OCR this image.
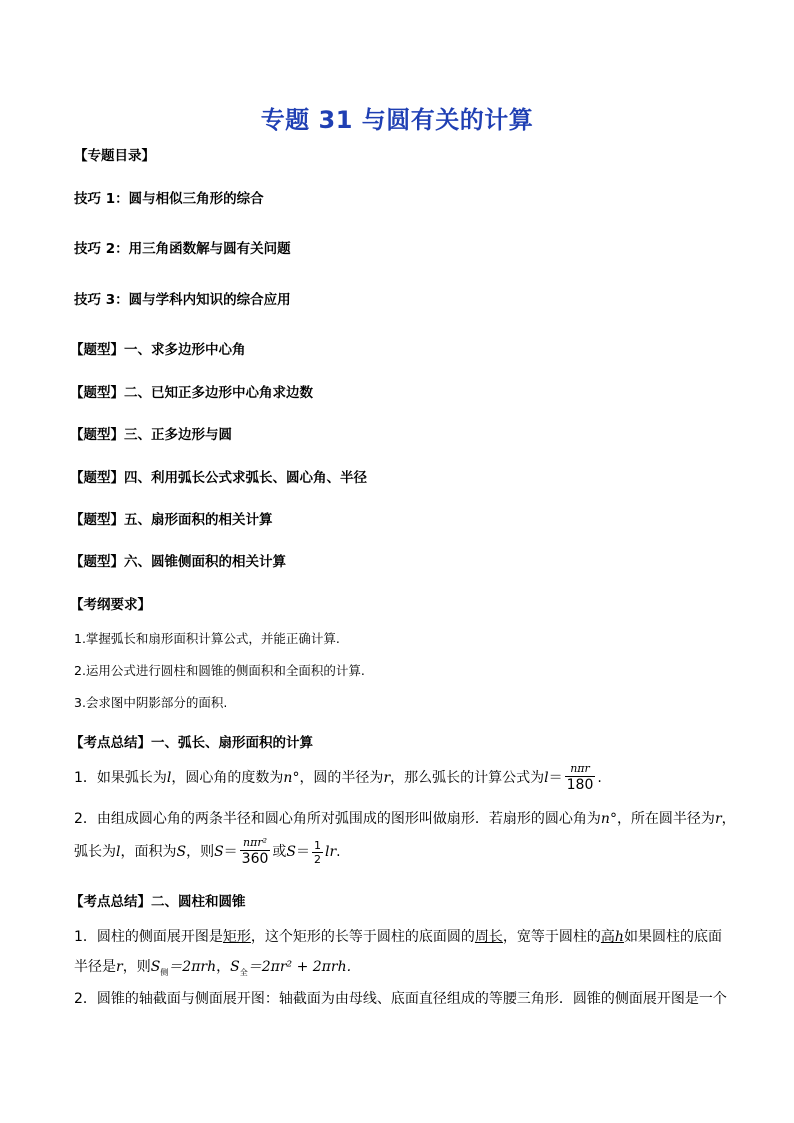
专题 31 与圆有关的计算
【专题目录】
技巧 1：圆与相似三角形的综合
技巧 2：用三角函数解与圆有关问题
技巧 3：圆与学科内知识的综合应用
【题型】一、求多边形中心角
【题型】二、已知正多边形中心角求边数
【题型】三、正多边形与圆
【题型】四、利用弧长公式求弧长、圆心角、半径
【题型】五、扇形面积的相关计算
【题型】六、圆锥侧面积的相关计算
【考纲要求】
1.掌握弧长和扇形面积计算公式，并能正确计算.
2.运用公式进行圆柱和圆锥的侧面积和全面积的计算.
3.会求图中阴影部分的面积.
【考点总结】一、弧长、扇形面积的计算
1．如果弧长为l，圆心角的度数为n°，圆的半径为r，那么弧长的计算公式为$l= \frac{\text{nπr}}{180}$ .
2．由组成圆心角的两条半径和圆心角所对弧围成的图形叫做扇形．若扇形的圆心角为n°，所在圆半径为r，
弧长为l，面积为S，则$S= \frac{\text{nπr²}}{360}$ 或$S= \frac{1}{2}$ lr.
【考点总结】二、圆柱和圆锥
1．圆柱的侧面展开图是矩形，这个矩形的长等于圆柱的底面圆的周长，宽等于圆柱的高h如果圆柱的底面
半径是r，则$S_侧=2\pi rh$，$S_全=2\pi r^2 + 2\pi rh$.
2．圆锥的轴截面与侧面展开图：轴截面为由母线、底面直径组成的等腰三角形．圆锥的侧面展开图是一个
